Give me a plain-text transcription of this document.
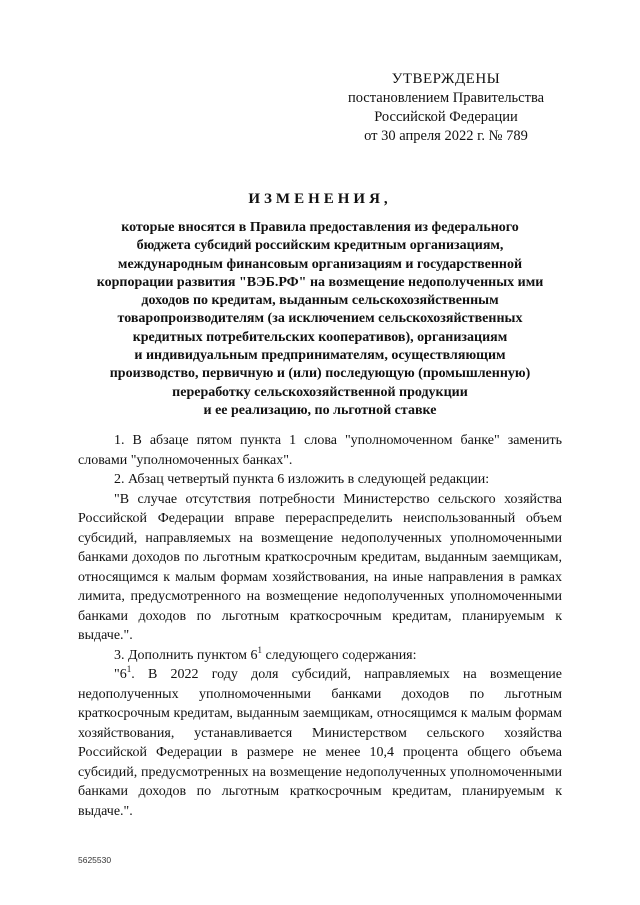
УТВЕРЖДЕНЫ
постановлением Правительства
Российской Федерации
от 30 апреля 2022 г. № 789
ИЗМЕНЕНИЯ,
которые вносятся в Правила предоставления из федерального
бюджета субсидий российским кредитным организациям,
международным финансовым организациям и государственной
корпорации развития "ВЭБ.РФ" на возмещение недополученных ими
доходов по кредитам, выданным сельскохозяйственным
товаропроизводителям (за исключением сельскохозяйственных
кредитных потребительских кооперативов), организациям
и индивидуальным предпринимателям, осуществляющим
производство, первичную и (или) последующую (промышленную)
переработку сельскохозяйственной продукции
и ее реализацию, по льготной ставке

1. В абзаце пятом пункта 1 слова "уполномоченном банке" заменить словами "уполномоченных банках".

2. Абзац четвертый пункта 6 изложить в следующей редакции:

"В случае отсутствия потребности Министерство сельского хозяйства Российской Федерации вправе перераспределить неиспользованный объем субсидий, направляемых на возмещение недополученных уполномоченными банками доходов по льготным краткосрочным кредитам, выданным заемщикам, относящимся к малым формам хозяйствования, на иные направления в рамках лимита, предусмотренного на возмещение недополученных уполномоченными банками доходов по льготным краткосрочным кредитам, планируемым к выдаче.".

3. Дополнить пунктом $6^1$ следующего содержания:

"$6^1$. В 2022 году доля субсидий, направляемых на возмещение недополученных уполномоченными банками доходов по льготным краткосрочным кредитам, выданным заемщикам, относящимся к малым формам хозяйствования, устанавливается Министерством сельского хозяйства Российской Федерации в размере не менее 10,4 процента общего объема субсидий, предусмотренных на возмещение недополученных уполномоченными банками доходов по льготным краткосрочным кредитам, планируемым к выдаче.".

5625530
